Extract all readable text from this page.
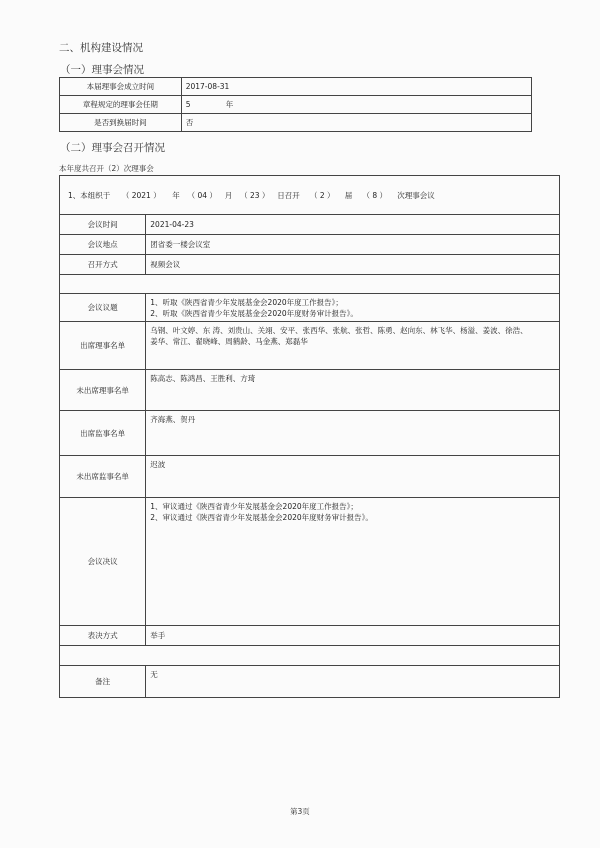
二、机构建设情况
（一）理事会情况
本届理事会成立时间	2017-08-31
章程规定的理事会任期	5 年
是否到换届时间	否
（二）理事会召开情况
本年度共召开（2）次理事会
1、本组织于 （ 2021 ） 年 （ 04 ） 月 （ 23 ） 日召开 （ 2 ） 届 （ 8 ） 次理事会议	
会议时间	2021-04-23
会议地点	团省委一楼会议室
召开方式	视频会议

会议议题	1、听取《陕西省青少年发展基金会2020年度工作报告》；
2、听取《陕西省青少年发展基金会2020年度财务审计报告》。

出席理事名单	乌钢、叶文婷、东 涛、刘贵山、关翊、安平、张西华、张航、张哲、陈勇、赵向东、林飞华、杨溢、姜波、徐浩、
姜华、常江、翟晓峰、周鹤龄、马金燕、郑磊华

未出席理事名单	陈高志、陈鸿昌、王胜利、方琦
出席监事名单	齐海燕、贺丹
未出席监事名单	迟波
会议决议	1、审议通过《陕西省青少年发展基金会2020年度工作报告》；
2、审议通过《陕西省青少年发展基金会2020年度财务审计报告》。

表决方式	举手

备注	无
第3页
